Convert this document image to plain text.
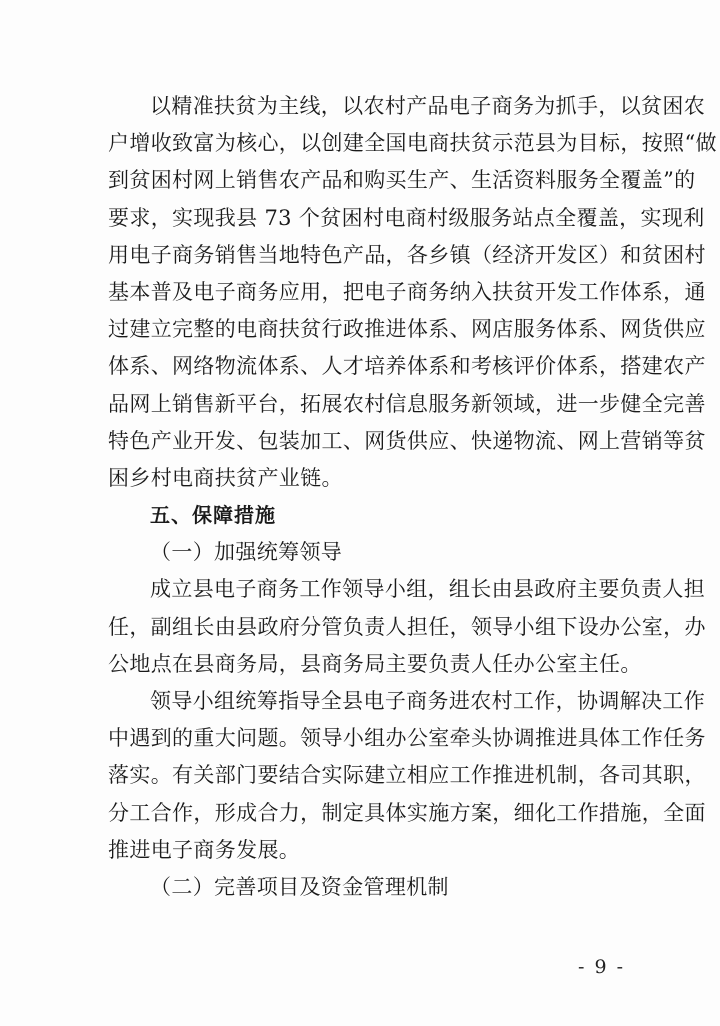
以精准扶贫为主线，以农村产品电子商务为抓手，以贫困农
户增收致富为核心，以创建全国电商扶贫示范县为目标，按照“做
到贫困村网上销售农产品和购买生产、生活资料服务全覆盖”的
要求，实现我县 73 个贫困村电商村级服务站点全覆盖，实现利
用电子商务销售当地特色产品，各乡镇（经济开发区）和贫困村
基本普及电子商务应用，把电子商务纳入扶贫开发工作体系，通
过建立完整的电商扶贫行政推进体系、网店服务体系、网货供应
体系、网络物流体系、人才培养体系和考核评价体系，搭建农产
品网上销售新平台，拓展农村信息服务新领域，进一步健全完善
特色产业开发、包装加工、网货供应、快递物流、网上营销等贫
困乡村电商扶贫产业链。
五、保障措施
（一）加强统筹领导
成立县电子商务工作领导小组，组长由县政府主要负责人担
任，副组长由县政府分管负责人担任，领导小组下设办公室，办
公地点在县商务局，县商务局主要负责人任办公室主任。
领导小组统筹指导全县电子商务进农村工作，协调解决工作
中遇到的重大问题。领导小组办公室牵头协调推进具体工作任务
落实。有关部门要结合实际建立相应工作推进机制，各司其职，
分工合作，形成合力，制定具体实施方案，细化工作措施，全面
推进电子商务发展。
（二）完善项目及资金管理机制
- 9 -
